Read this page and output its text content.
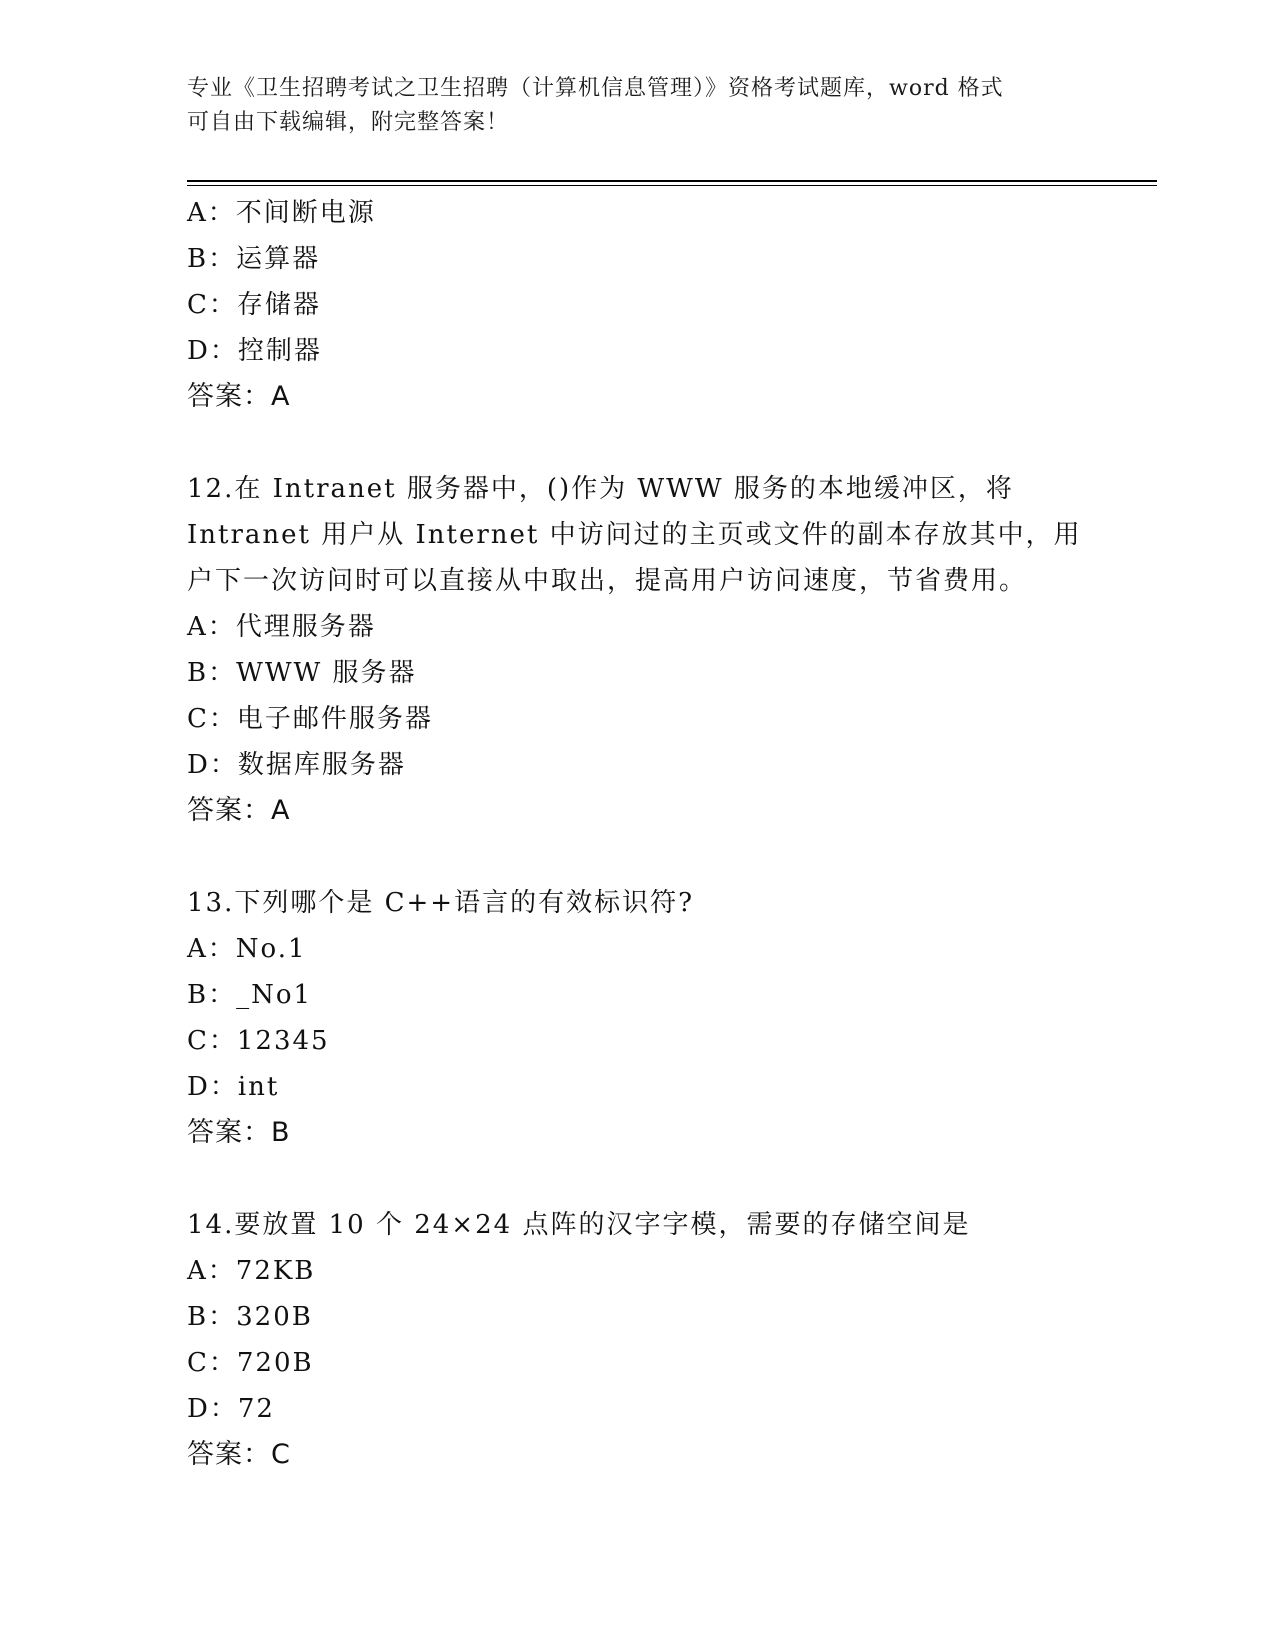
专业《卫生招聘考试之卫生招聘（计算机信息管理）》资格考试题库，word 格式
可自由下载编辑，附完整答案！
A：不间断电源
B：运算器
C：存储器
D：控制器
答案：A
12.在 Intranet 服务器中，()作为 WWW 服务的本地缓冲区，将
Intranet 用户从 Internet 中访问过的主页或文件的副本存放其中，用
户下一次访问时可以直接从中取出，提高用户访问速度，节省费用。
A：代理服务器
B：WWW 服务器
C：电子邮件服务器
D：数据库服务器
答案：A
13.下列哪个是 C++语言的有效标识符?
A：No.1
B：_No1
C：12345
D：int
答案：B
14.要放置 10 个 24×24 点阵的汉字字模，需要的存储空间是
A：72KB
B：320B
C：720B
D：72
答案：C
